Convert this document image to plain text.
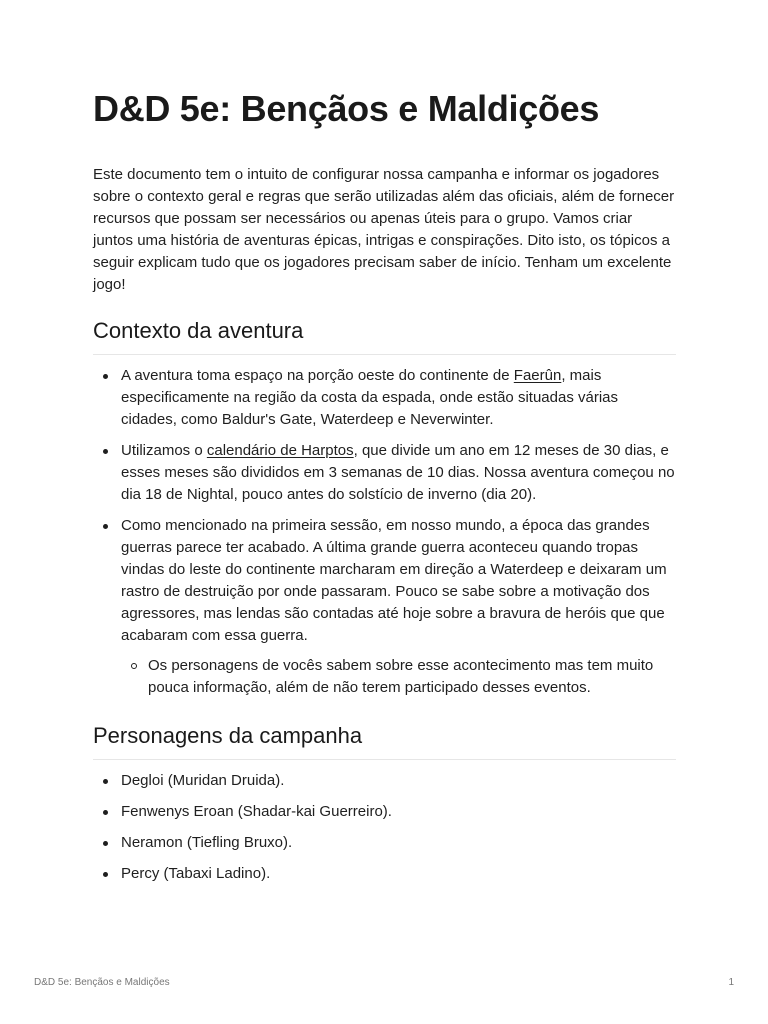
D&D 5e: Bençãos e Maldições

Este documento tem o intuito de configurar nossa campanha e informar os jogadores sobre o contexto geral e regras que serão utilizadas além das oficiais, além de fornecer recursos que possam ser necessários ou apenas úteis para o grupo. Vamos criar juntos uma história de aventuras épicas, intrigas e conspirações. Dito isto, os tópicos a seguir explicam tudo que os jogadores precisam saber de início. Tenham um excelente jogo!

Contexto da aventura
A aventura toma espaço na porção oeste do continente de Faerûn, mais especificamente na região da costa da espada, onde estão situadas várias cidades, como Baldur's Gate, Waterdeep e Neverwinter.
Utilizamos o calendário de Harptos, que divide um ano em 12 meses de 30 dias, e esses meses são divididos em 3 semanas de 10 dias. Nossa aventura começou no dia 18 de Nightal, pouco antes do solstício de inverno (dia 20).
Como mencionado na primeira sessão, em nosso mundo, a época das grandes guerras parece ter acabado. A última grande guerra aconteceu quando tropas vindas do leste do continente marcharam em direção a Waterdeep e deixaram um rastro de destruição por onde passaram. Pouco se sabe sobre a motivação dos agressores, mas lendas são contadas até hoje sobre a bravura de heróis que que acabaram com essa guerra.
Os personagens de vocês sabem sobre esse acontecimento mas tem muito pouca informação, além de não terem participado desses eventos.
Personagens da campanha
Degloi (Muridan Druida).
Fenwenys Eroan (Shadar-kai Guerreiro).
Neramon (Tiefling Bruxo).
Percy (Tabaxi Ladino).
D&D 5e: Bençãos e Maldições	1
